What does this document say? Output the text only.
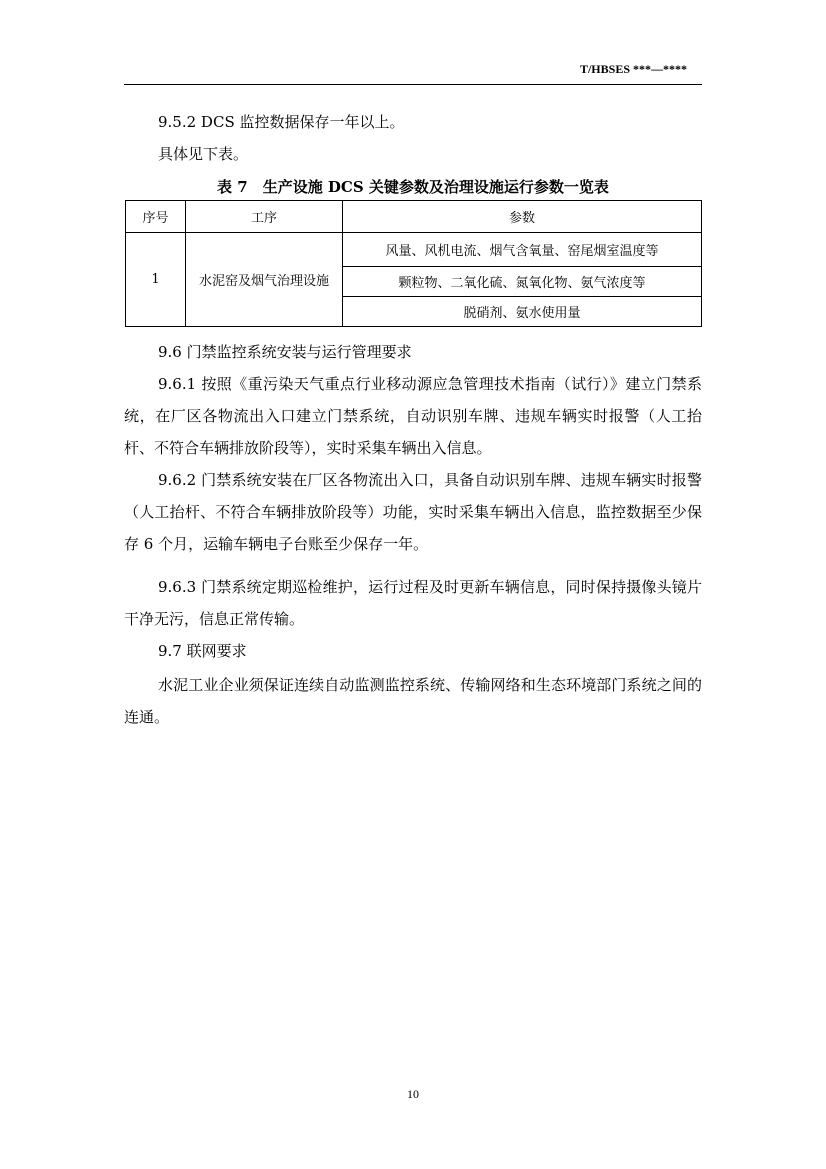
T/HBSES ***—****

9.5.2 DCS 监控数据保存一年以上。

具体见下表。

表 7　生产设施 DCS 关键参数及治理设施运行参数一览表
序号	工序	参数
1	水泥窑及烟气治理设施	风量、风机电流、烟气含氧量、窑尾烟室温度等
		颗粒物、二氧化硫、氮氧化物、氨气浓度等
		脱硝剂、氨水使用量

9.6 门禁监控系统安装与运行管理要求

9.6.1 按照《重污染天气重点行业移动源应急管理技术指南（试行）》建立门禁系统，在厂区各物流出入口建立门禁系统，自动识别车牌、违规车辆实时报警（人工抬杆、不符合车辆排放阶段等），实时采集车辆出入信息。

9.6.2 门禁系统安装在厂区各物流出入口，具备自动识别车牌、违规车辆实时报警（人工抬杆、不符合车辆排放阶段等）功能，实时采集车辆出入信息，监控数据至少保存 6 个月，运输车辆电子台账至少保存一年。

9.6.3 门禁系统定期巡检维护，运行过程及时更新车辆信息，同时保持摄像头镜片干净无污，信息正常传输。

9.7 联网要求

水泥工业企业须保证连续自动监测监控系统、传输网络和生态环境部门系统之间的连通。

10
